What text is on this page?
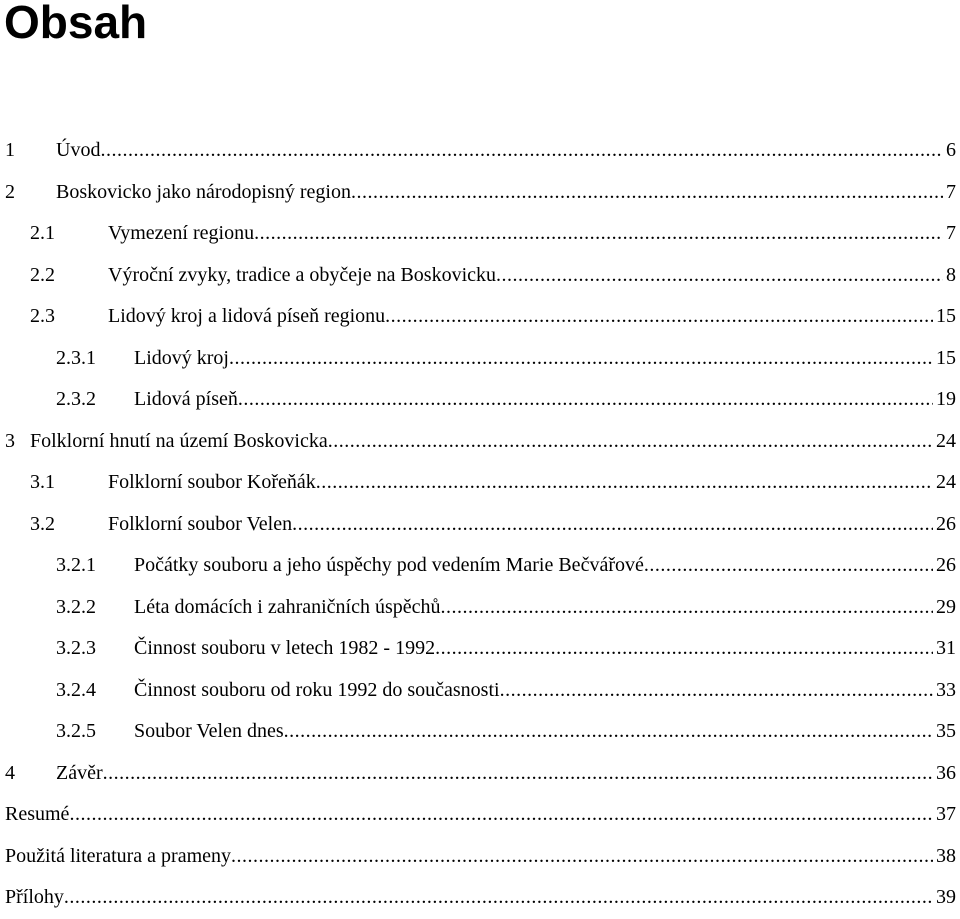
Obsah
1 Úvod .....	6
2 Boskovicko jako národopisný region .....	7
2.1	Vymezení regionu .....	7
2.2	Výroční zvyky, tradice a obyčeje na Boskovicku .....	8
2.3	Lidový kroj a lidová píseň regionu .....	15
2.3.1 Lidový kroj .....	15
2.3.2 Lidová píseň .....	19
3 Folklorní hnutí na území Boskovicka .....	24
3.1	Folklorní soubor Kořeňák .....	24
3.2	Folklorní soubor Velen .....	26
3.2.1 Počátky souboru a jeho úspěchy pod vedením Marie Bečvářové .....	26
3.2.2 Léta domácích i zahraničních úspěchů .....	29
3.2.3 Činnost souboru v letech 1982 - 1992 .....	31
3.2.4 Činnost souboru od roku 1992 do současnosti .....	33
3.2.5 Soubor Velen dnes .....	35
4 Závěr .....	36
Resumé .....	37
Použitá literatura a prameny .....	38
Přílohy .....	39
